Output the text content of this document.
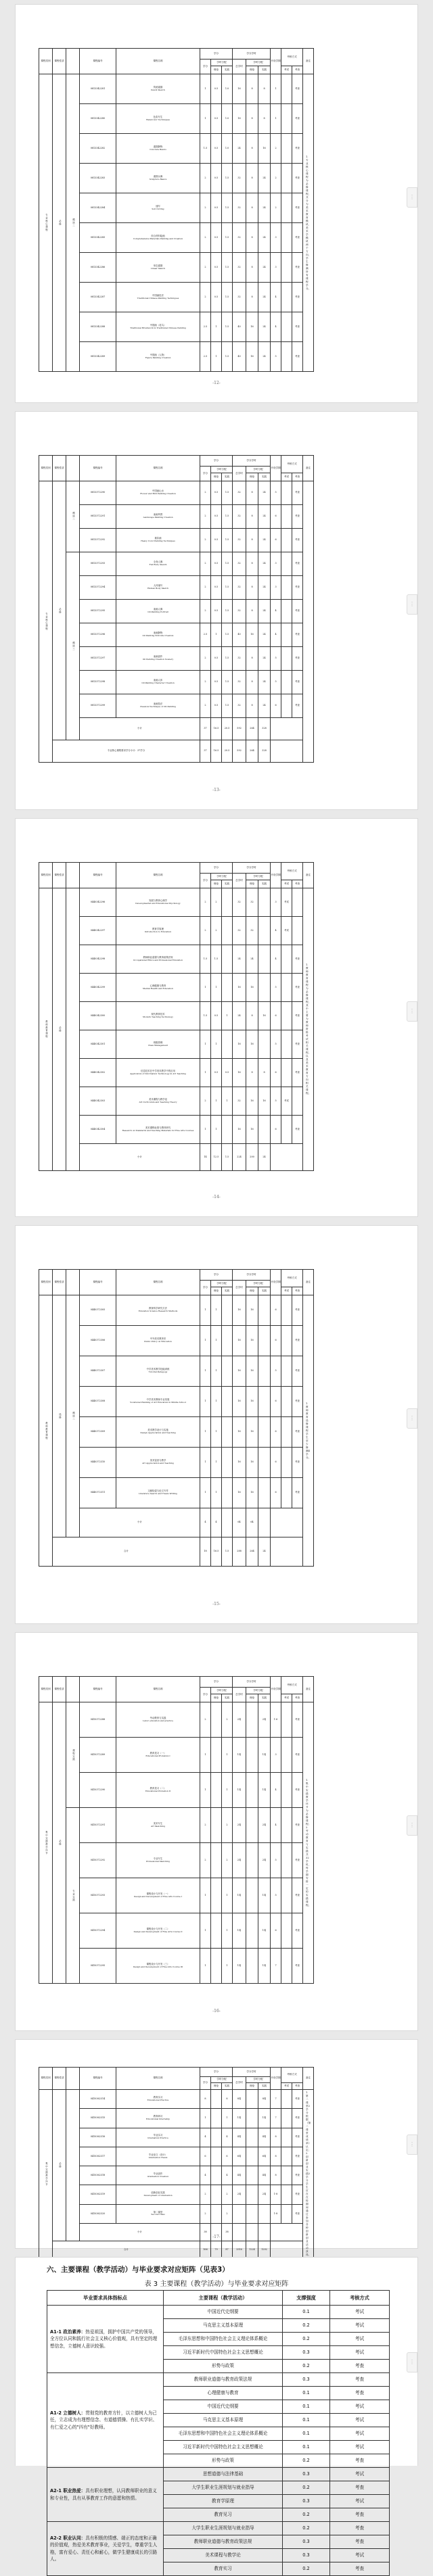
课程类别	课程性质		课程编号	课程名称	学分			学分学时			开设学期	考核方式		备注
					学分	学时分配		总学时	学时分配					
						理论	实践		理论	实践		考试	考查	
专业核心课程	必修	模块二	0813342281	传统素描
Pencil Sketch	1	0.5	1.0	16	8	8	1		考查	1.专业核心课程为必修课程，共分为美术教育模块、美术学模块两个方向，学生修满所有课程学分。
			0813342280	色彩写生
Watercolor Techniques	1	0.5	1.0	16	8	8	1		考查	
			0813342282	素描静物
Concrete Basics	1.5	0.5	1.0	24	8	16	2		考查	
			0813342283	素描头像
Sculpture Basics	2	0.5	1.5	32	8	24	2		考查	
			0813342284	速写
Soil Cutting	2	0.5	1.5	32	8	24	2		考查	
			0813342285	综合材料绘画
Comprehensive Materials Painting and Creation	2	0.5	1.5	32	8	24	3		考查	
			0813342286	形态素描
Linear Sketch	2	0.5	1.5	32	8	24	3		考查	
			0813342287	中国画技法
Traditional Chinese Painting Techniques	2	0.5	1.5	32	8	24	4		考查	
			0813342288	中国画（花鸟）
Traditional Brushwork in Traditional Chinese Painting	2.5	1	1.5	40	16	24	4		考查	
			0813342289	中国画（人物）
Figure Painting Creation	2.5	1	1.5	40	16	24	5		考查	
-12-
⋮
课程类别	课程性质		课程编号	课程名称	学分			学分学时			开设学期	考核方式		备注
					学分	学时分配		总学时	学时分配					
						理论	实践		理论	实践		考试	考查	
专业核心课程	必修	模块二	0813372290	中国画山水
Flower and Bird Painting Creation	2	0.5	1.5	32	8	24	5		考查	
			0813372291	油画风景
Landscape Painting Creation	2	0.5	1.5	32	8	24	6		考查	
			0813372292	重彩画
Heavy Color Painting Techniques	2	0.5	1.5	32	8	24	6		考查	
		模块三	0813372293	全身人像
Full Body Sketch	2	0.5	1.5	32	8	24	3		考查	
			0813372294	人体速写
Human Body Sketch	2	0.5	1.5	32	8	24	3		考查	
			0813372295	油画人像
Oil Painting Portrait	2	0.5	1.5	32	8	24	4		考查	
			0813372296	油画静物
Oil Painting Still Life Creation	2.5	1	1.5	40	16	24	4		考查	
			0813372297	油画创作
Oil Painting Creation Scenery	2	0.5	1.5	32	8	24	5		考查	
			0813372298	油画人体
Oil Painting Character Creation	2	0.5	1.5	32	8	24	5		考查	
			0813372299	油画技法
Classical Technique of Oil Painting	2	0.5	1.5	32	8	24	6		考查	
			小计		37	16.5	20.5	592	264	328				
	专业核心课程要求学分小计：37学分				37	16.5	20.5	592	264	328				
-13-
⋮
课程类别	课程性质		课程编号	课程名称	学分			学分学时			开设学期	考核方式		备注
					学分	学时分配		总学时	学时分配					
						理论	实践		理论	实践		考试	考查	
教师教育课程	必修		0440342296	发展与教育心理学
Developmental and Educational Psychology	2	2		32	32		3	考试		1.教师教育课程为必修课程，其中主要为教师资格考试相关课程，以及美术教育方向相关课程。
			0440342297	教育学原理
Introduction to Education	2	2		32	32		4	考试		
			0440342298	教师职业道德与教育政策法规
Occupational Ethics and Professional Education	1.5	1.5		24	24		4		考查	
			0440342299	心理健康与教育
Mental Health and Education	1	1		16	16		5		考查	
			0440342300	现代教育技术
Modern Teaching Technology	1.5	0.5	1	24	8	16	6		考查	
			0440342301	班级管理
Class Management	1	1		16	16		5		考查	
			0440342302	信息技术在中学美术教学中的应用
Application of Information Technology in Art Teaching	1	0.5	0.5	16	8	8	6		考查	
			0440342303	美术课程与教学论
Art Curriculum and Teaching Theory	2	1	1	32	16	16	5	考试		
			0440342304	美术课程标准与教材研究
Research on Standards and Teaching Materials for Fine Arts Courses	1	1		16	16		6		考查	
			小计		14	12.5	1.5	224	200	24				
-14-
⋮
课程类别	课程性质		课程编号	课程名称	学分			学分学时			开设学期	考核方式		备注
					学分	学时分配		总学时	学时分配					
						理论	实践		理论	实践		考试	考查	
教师教育课程	选修	模块二	0440372305	教育科学研究方法
Education Science Research Methods	1	1		16	16		6		考查	1.教师教育选修课程学生至少修满4学分。
			0440372306	中外美术教育史
Public Policy on Education	1	1		16	16		6		考查	
			0440372307	中学美术教学技能训练
Tutorial Pedagogy	1	1		16	16		5		考查	
			0440372308	中学美术教师专业发展
Vocational Planning of Art Education in Middle School	1	1		16	16		6		考查	
			0440372309	美术教学设计与实施
Design Appreciation and Teaching	1	1		16	16		6		考查	
			0440372310	美术鉴赏与教学
Art Appreciation and Teaching	1	1		16	16		6		考查	
			0440372311	文献检索与论文写作
Literature Search and Thesis Writing	1	1		16	16		6		考查	
			小计		4	4		64	64					
	合计				18	16.5	1.5	288	264	24				
-15-
⋮
课程类别	课程性质		课程编号	课程名称	学分			学分学时			开设学期	考核方式		备注
					学分	学时分配		总学时	学时分配					
						理论	实践		理论	实践		考试	考查	
集中实践教学环节	必修	课程实践	0410372288	劳动教育与实践
Labor education and practice	2		2	2周		2周	1-6		考查	1.集中实践教学环节为必修课程；2.劳动教育与实践共32学时，每学期安排一定的实践课程。
			0410372289	教育见习（一）
Educational Probation I	1		1	1周		1周	3		考查	
			0410372290	教育见习（二）
Educational Probation II	1		1	1周		1周	4		考查	
		专业实践	0410372291	美术写生
Art Sketching	2		2	2周		2周	4		考查	
			0410372292	专业写生
Professional Sketching	2		2	2周		2周	5		考查	
			0410372293	课程设计与开发（一）
Design and Development of Fine Arts Course I	1		1	1周		1周	5		考查	
			0410372294	课程设计与开发（二）
Design and Development of Fine Arts Course II	1		1	1周		1周	6		考查	
			0410372295	课程设计与开发（三）
Design and Development of Fine Arts Course III	1		1	1周		1周	7		考查	
-16-
⋮
课程类别	课程性质		课程编号	课程名称	学分			学分学时			开设学期	考核方式		备注
					学分	学时分配		总学时	学时分配					
						理论	实践		理论	实践		考试	考查	
集中实践教学环节	必修		0410362314	教育实习
Educational Practice	8		8	8周		8周	7		考查	1.第二课堂2学分根据《第二课堂成绩单》认定；2.创新创业实践2学分学生应在在校期间通过参加各种创新创业活动获得。
			0410362315	教育研习
Educational Internship	1		1	1周		1周	7		考查	
			0410362316	毕业实习
Graduation Practice	4		4	4周		4周	8		考查	
			0410362317	毕业论文（设计）
Graduation Thesis	6		6	6周		6周	8		考查	
			0410362318	毕业创作
Graduation Creation	4		4	4周		4周	8		考查	
			0410362319	创新创业实践
Development of Graduation	2		2	2周		2周	1-8		考查	
			0410362320	第二课堂
Second Class	2		2				1-8		考查	
			小计		38		38							
	合计				166	79	87	2516	1224	1292				
-17-
⋮
六、主要课程（教学活动）与毕业要求对应矩阵（见表3）
表 3 主要课程（教学活动）与毕业要求对应矩阵
毕业要求具体指标点	主要课程（教学活动）	支撑强度	考核方式
A1-1 政治素养：热爱祖国，拥护中国共产党的领导，全方位认同和践行社会主义核心价值观，具有坚定的理想信念，立德树人意识较强。	中国近代史纲要	0.1	考试
	马克思主义基本原理	0.2	考试
	毛泽东思想和中国特色社会主义理论体系概论	0.2	考试
	习近平新时代中国特色社会主义思想概论	0.3	考试
	形势与政策	0.2	考查
A1-2 立德树人：贯彻党的教育方针，以立德树人为己任，立志成为有理想信念、有道德情操、有扎实学识、有仁爱之心的"四有"好教师。	教师职业道德与教育政策法规	0.3	考查
	心理健康与教育	0.1	考查
	中国近代史纲要	0.1	考试
	马克思主义基本原理	0.1	考试
	毛泽东思想和中国特色社会主义理论体系概论	0.1	考试
	习近平新时代中国特色社会主义思想概论	0.1	考试
	形势与政策	0.2	考查
A2-1 职业热爱：具有职业理想，认同教师职业的意义和专业性，具有从事教育工作的意愿和热情。	思想道德与法律基础	0.3	考试
	大学生职业生涯规划与就业指导	0.2	考查
	教育学原理	0.3	考试
	教育见习	0.2	考查
A2-2 职业认同：具有积极的情感、端正的态度和正确的价值观，热爱美术教育事业，关爱学生，尊重学生人格，富有爱心、责任心和耐心，做学生健康成长的引路人。	大学生职业生涯规划与就业指导	0.2	考查
	教师职业道德与教育政策法规	0.3	考查
	美术课程与教学论	0.3	考试
	教育实习	0.2	考查
⋮
